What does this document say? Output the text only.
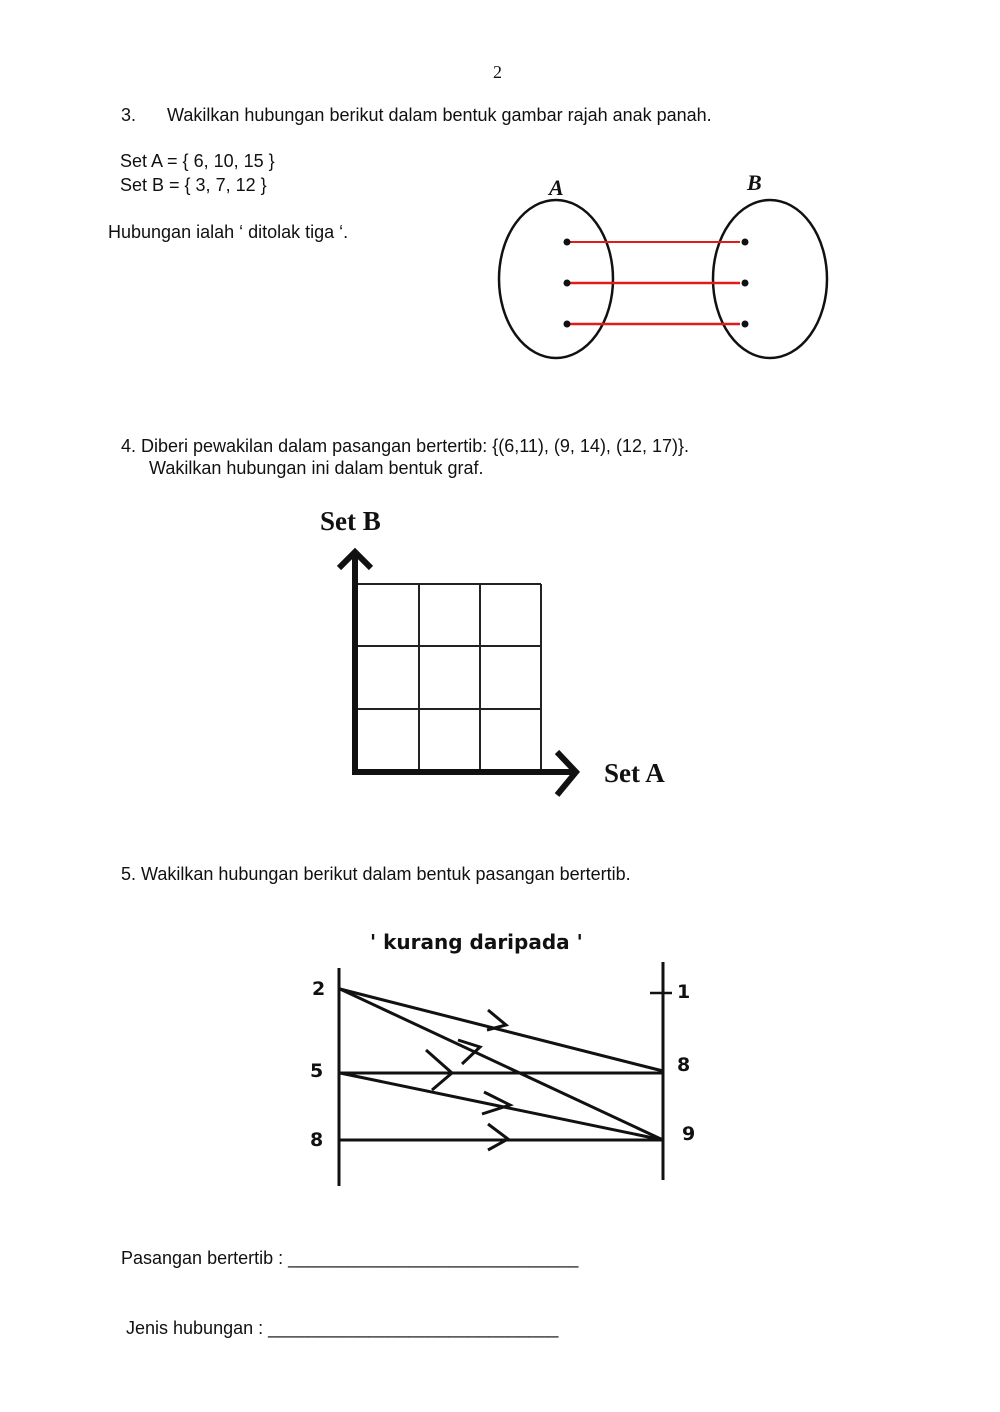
2
3. Wakilkan hubungan berikut dalam bentuk gambar rajah anak panah.
Set A = { 6, 10, 15 }
Set B = { 3, 7, 12 }
Hubungan ialah ‘ ditolak tiga ‘.
A	B
4. Diberi pewakilan dalam pasangan bertertib: {(6,11), (9, 14), (12, 17)}.
Wakilkan hubungan ini dalam bentuk graf.
Set B
Set A
5. Wakilkan hubungan berikut dalam bentuk pasangan bertertib.
' kurang daripada '
2
5
8
1
8
9
Pasangan bertertib : _____________________________
Jenis hubungan : _____________________________
